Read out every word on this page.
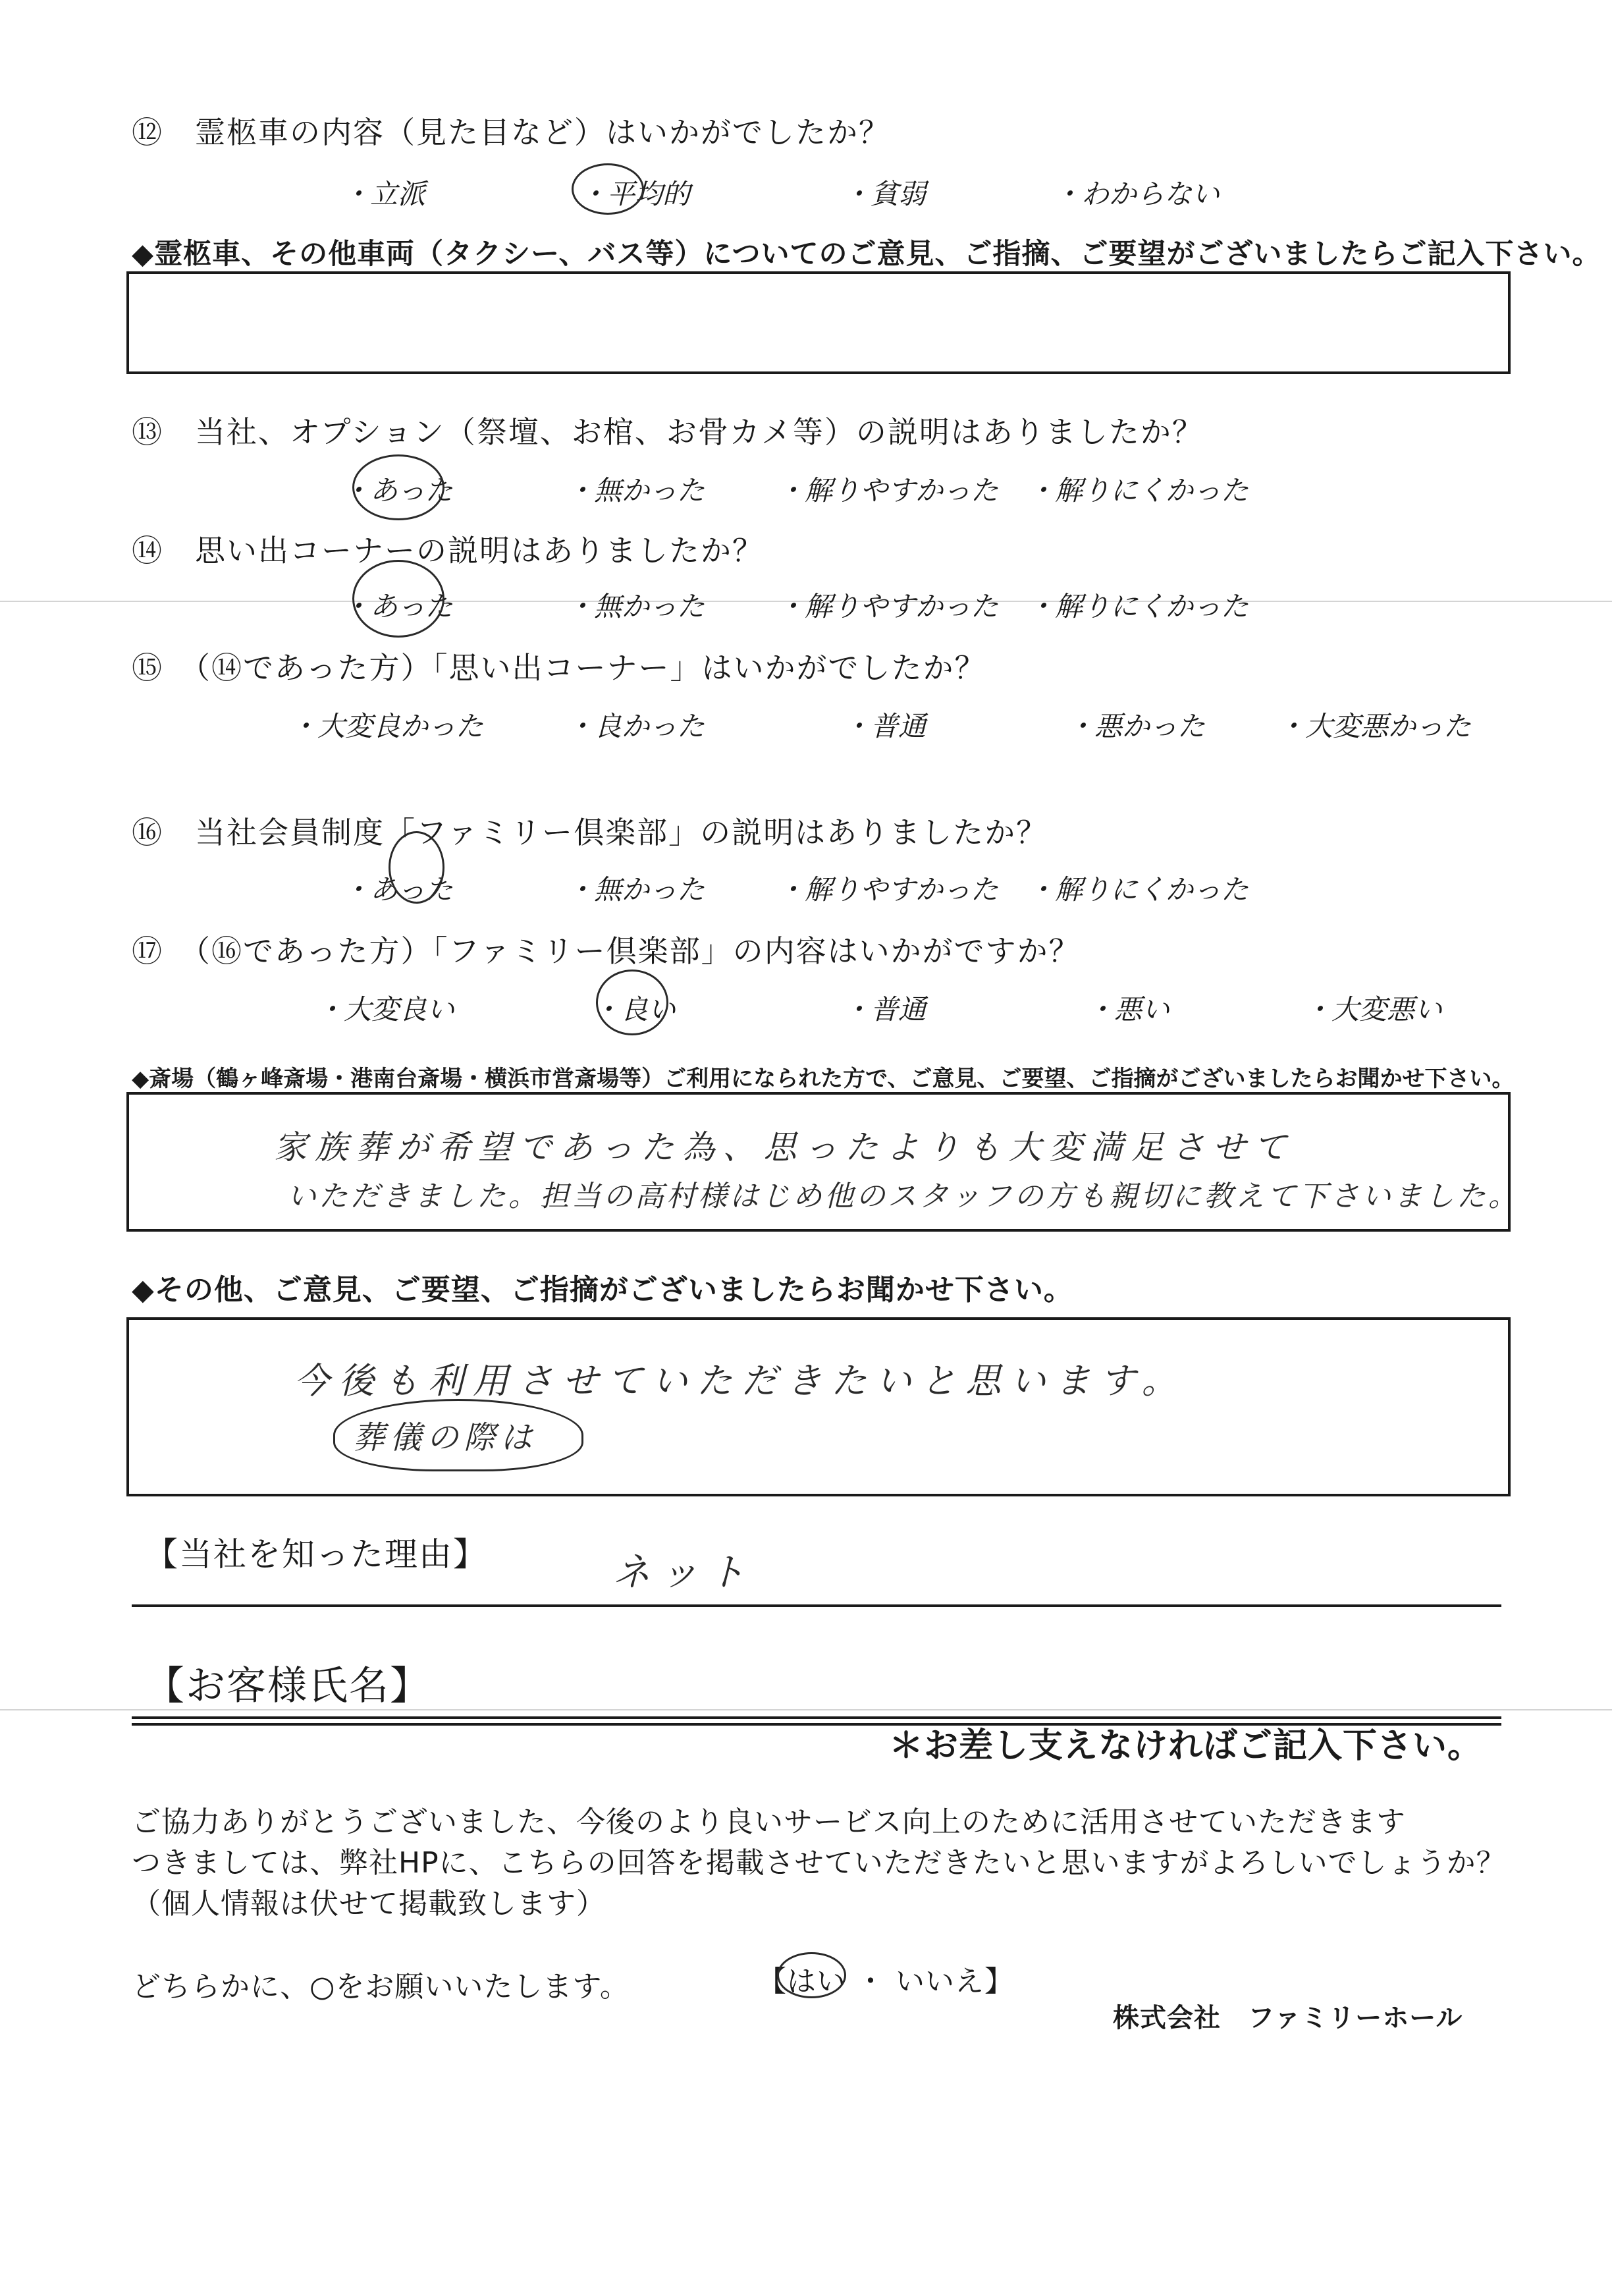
⑫　霊柩車の内容（見た目など）はいかがでしたか？
・立派	・平均的	・貧弱	・わからない
◆霊柩車、その他車両（タクシー、バス等）についてのご意見、ご指摘、ご要望がございましたらご記入下さい。
⑬　当社、オプション（祭壇、お棺、お骨カメ等）の説明はありましたか？
・あった	・無かった	・解りやすかった ・解りにくかった
⑭　思い出コーナーの説明はありましたか？
・あった	・無かった	・解りやすかった ・解りにくかった
⑮　（⑭であった方）「思い出コーナー」はいかがでしたか？
・大変良かった	・良かった	・普通	・悪かった	・大変悪かった
⑯　当社会員制度「ファミリー倶楽部」の説明はありましたか？
・あった	・無かった	・解りやすかった ・解りにくかった
⑰　（⑯であった方）「ファミリー倶楽部」の内容はいかがですか？
・大変良い	・良い	・普通	・悪い	・大変悪い
◆斎場（鶴ヶ峰斎場・港南台斎場・横浜市営斎場等）ご利用になられた方で、ご意見、ご要望、ご指摘がございましたらお聞かせ下さい。
家族葬が希望であった為、思ったよりも大変満足させて
いただきました。担当の高村様はじめ他のスタッフの方も親切に教えて下さいました。
◆その他、ご意見、ご要望、ご指摘がございましたらお聞かせ下さい。
今後も利用させていただきたいと思います。
葬儀の際は
【当社を知った理由】	ネット
【お客様氏名】
＊お差し支えなければご記入下さい。
ご協力ありがとうございました、今後のより良いサービス向上のために活用させていただきます
つきましては、弊社HPに、こちらの回答を掲載させていただきたいと思いますがよろしいでしょうか？
（個人情報は伏せて掲載致します）
どちらかに、○をお願いいたします。	【はい ・ いいえ】
株式会社　ファミリーホール
